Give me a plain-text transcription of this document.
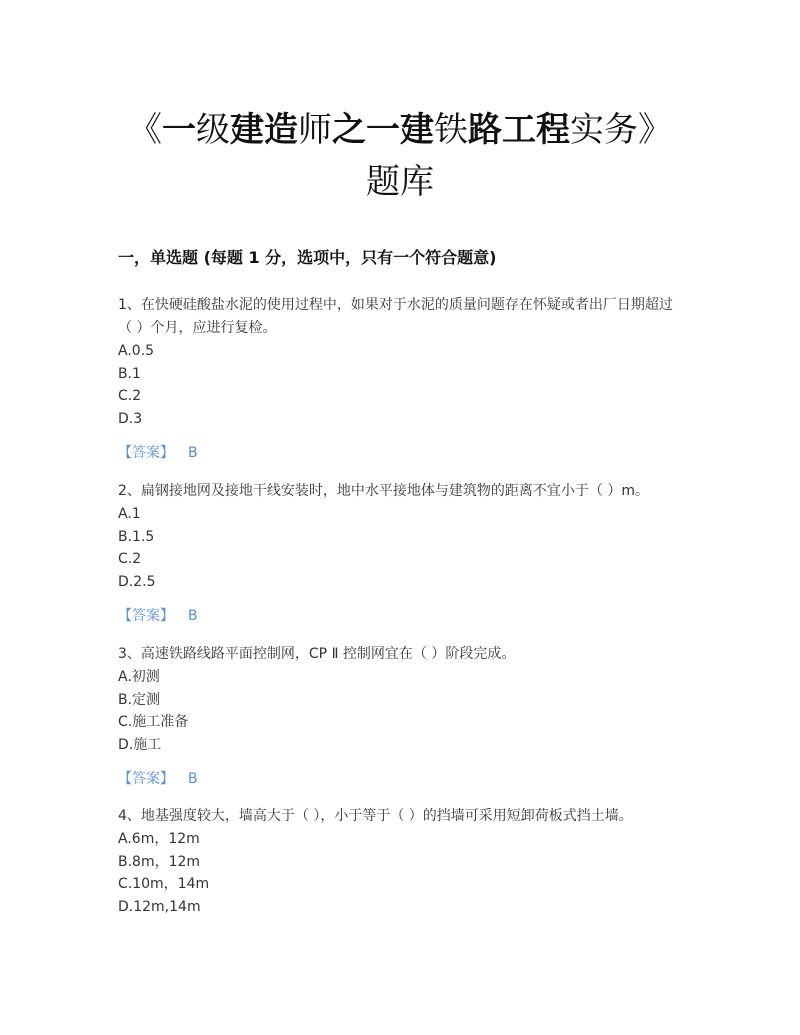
《一级建造师之一建铁路工程实务》
题库
一，单选题 (每题 1 分，选项中，只有一个符合题意)

1、在快硬硅酸盐水泥的使用过程中，如果对于水泥的质量问题存在怀疑或者出厂日期超过（ ）个月，应进行复检。

A.0.5
B.1
C.2
D.3
【答案】 B

2、扁钢接地网及接地干线安装时，地中水平接地体与建筑物的距离不宜小于（ ）m。

A.1
B.1.5
C.2
D.2.5
【答案】 B

3、高速铁路线路平面控制网，CP Ⅱ 控制网宜在（ ）阶段完成。

A.初测
B.定测
C.施工准备
D.施工
【答案】 B

4、地基强度较大，墙高大于（ ），小于等于（ ）的挡墙可采用短卸荷板式挡土墙。

A.6m，12m
B.8m，12m
C.10m，14m
D.12m,14m
